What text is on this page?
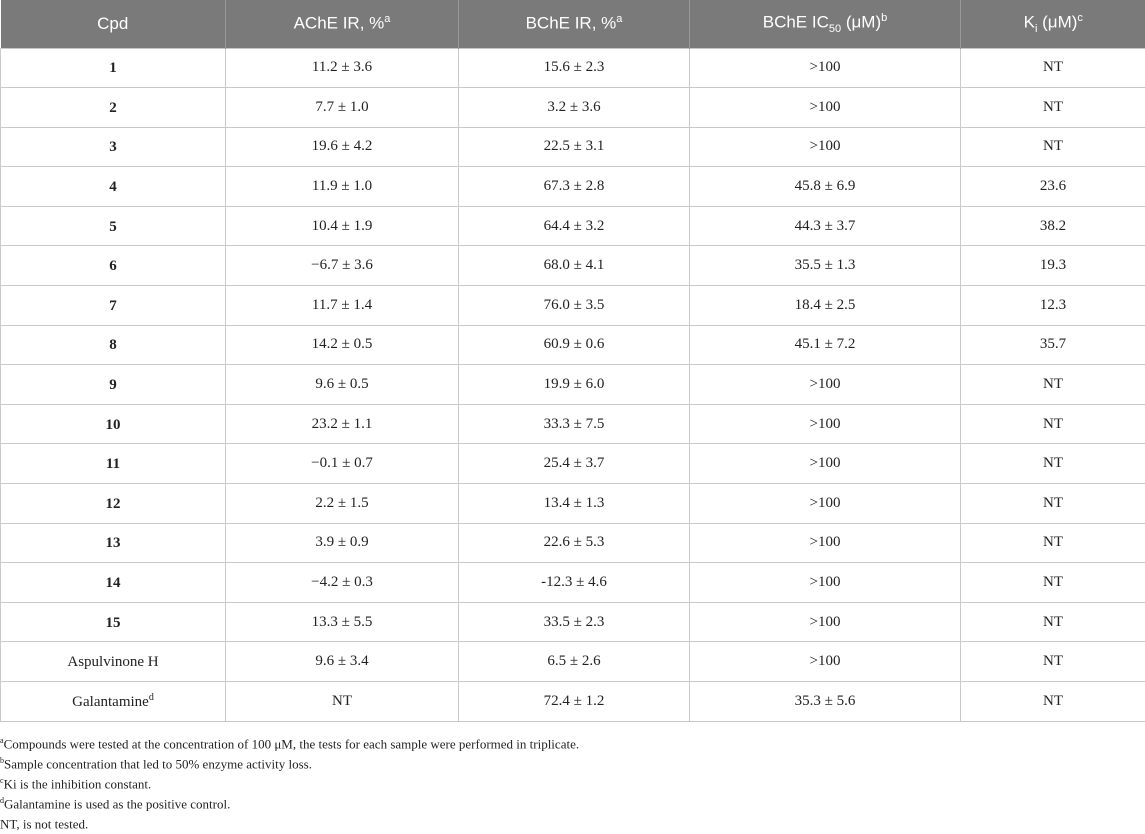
Cpd	AChE IR, %$^a$	BChE IR, %$^a$	BChE $IC_{50}$ $(\mu M)^b$	$K_i$ $(\mu M)^c$
1	11.2 ± 3.6	15.6 ± 2.3	>100	NT
2	7.7 ± 1.0	3.2 ± 3.6	>100	NT
3	19.6 ± 4.2	22.5 ± 3.1	>100	NT
4	11.9 ± 1.0	67.3 ± 2.8	45.8 ± 6.9	23.6
5	10.4 ± 1.9	64.4 ± 3.2	44.3 ± 3.7	38.2
6	−6.7 ± 3.6	68.0 ± 4.1	35.5 ± 1.3	19.3
7	11.7 ± 1.4	76.0 ± 3.5	18.4 ± 2.5	12.3
8	14.2 ± 0.5	60.9 ± 0.6	45.1 ± 7.2	35.7
9	9.6 ± 0.5	19.9 ± 6.0	>100	NT
10	23.2 ± 1.1	33.3 ± 7.5	>100	NT
11	−0.1 ± 0.7	25.4 ± 3.7	>100	NT
12	2.2 ± 1.5	13.4 ± 1.3	>100	NT
13	3.9 ± 0.9	22.6 ± 5.3	>100	NT
14	−4.2 ± 0.3	-12.3 ± 4.6	>100	NT
15	13.3 ± 5.5	33.5 ± 2.3	>100	NT
Aspulvinone H	9.6 ± 3.4	6.5 ± 2.6	>100	NT
Galantamine$^d$	NT	72.4 ± 1.2	35.3 ± 5.6	NT
$^a$Compounds were tested at the concentration of 100 μM, the tests for each sample were performed in triplicate.
$^b$Sample concentration that led to 50% enzyme activity loss.
$^c$Ki is the inhibition constant.
$^d$Galantamine is used as the positive control.
NT, is not tested.
